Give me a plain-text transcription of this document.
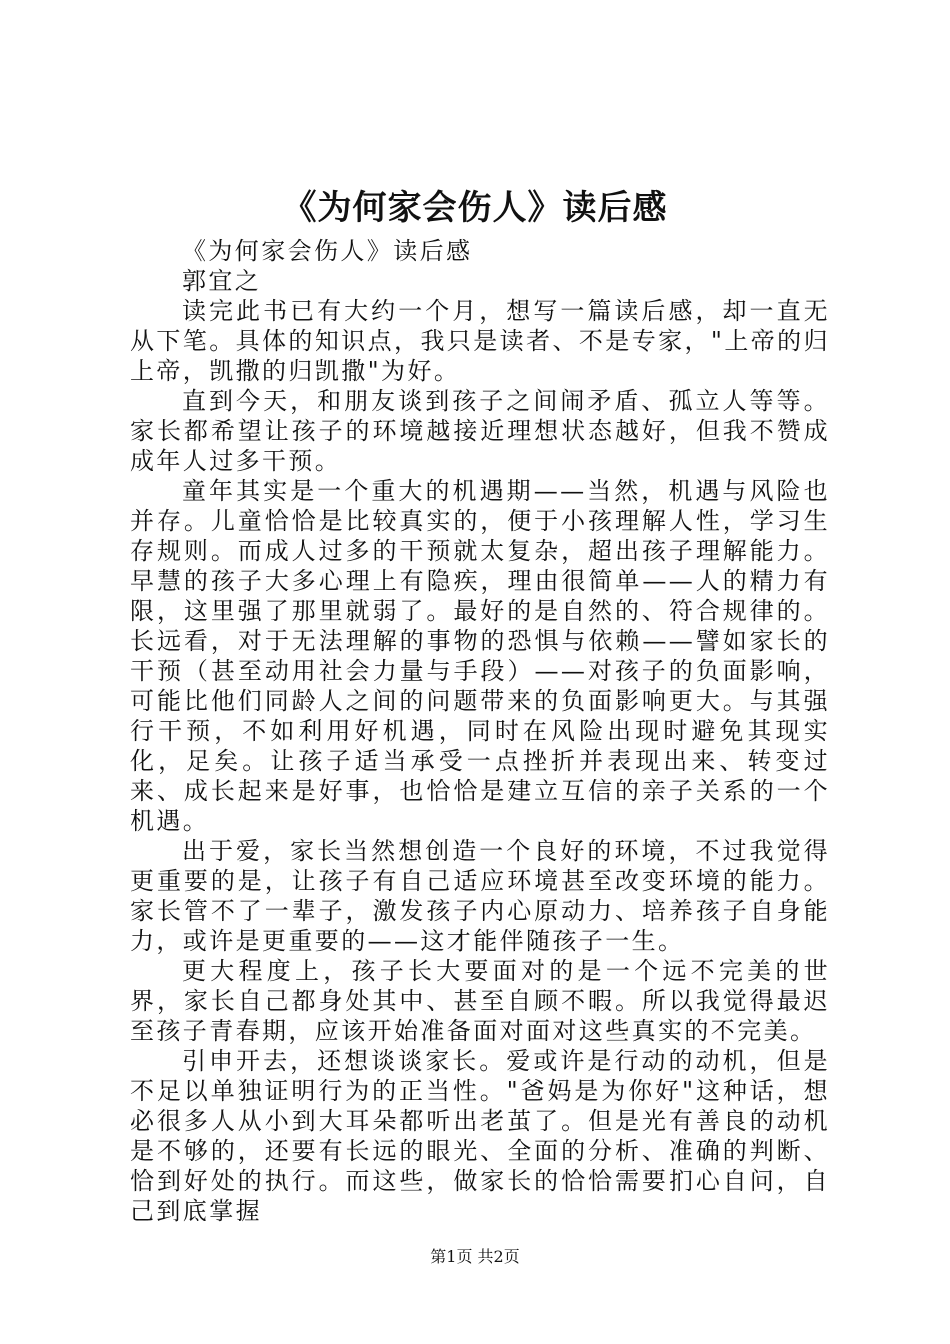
《为何家会伤人》读后感

《为何家会伤人》读后感

郭宜之

读完此书已有大约一个月，想写一篇读后感，却一直无从下笔。具体的知识点，我只是读者、不是专家，"上帝的归上帝，凯撒的归凯撒"为好。

直到今天，和朋友谈到孩子之间闹矛盾、孤立人等等。家长都希望让孩子的环境越接近理想状态越好，但我不赞成成年人过多干预。

童年其实是一个重大的机遇期——当然，机遇与风险也并存。儿童恰恰是比较真实的，便于小孩理解人性，学习生存规则。而成人过多的干预就太复杂，超出孩子理解能力。早慧的孩子大多心理上有隐疾，理由很简单——人的精力有限，这里强了那里就弱了。最好的是自然的、符合规律的。长远看，对于无法理解的事物的恐惧与依赖——譬如家长的干预（甚至动用社会力量与手段）——对孩子的负面影响，可能比他们同龄人之间的问题带来的负面影响更大。与其强行干预，不如利用好机遇，同时在风险出现时避免其现实化，足矣。让孩子适当承受一点挫折并表现出来、转变过来、成长起来是好事，也恰恰是建立互信的亲子关系的一个机遇。

出于爱，家长当然想创造一个良好的环境，不过我觉得更重要的是，让孩子有自己适应环境甚至改变环境的能力。家长管不了一辈子，激发孩子内心原动力、培养孩子自身能力，或许是更重要的——这才能伴随孩子一生。

更大程度上，孩子长大要面对的是一个远不完美的世界，家长自己都身处其中、甚至自顾不暇。所以我觉得最迟至孩子青春期，应该开始准备面对面对这些真实的不完美。

引申开去，还想谈谈家长。爱或许是行动的动机，但是不足以单独证明行为的正当性。"爸妈是为你好"这种话，想必很多人从小到大耳朵都听出老茧了。但是光有善良的动机是不够的，还要有长远的眼光、全面的分析、准确的判断、恰到好处的执行。而这些，做家长的恰恰需要扪心自问，自己到底掌握

第1页 共2页
